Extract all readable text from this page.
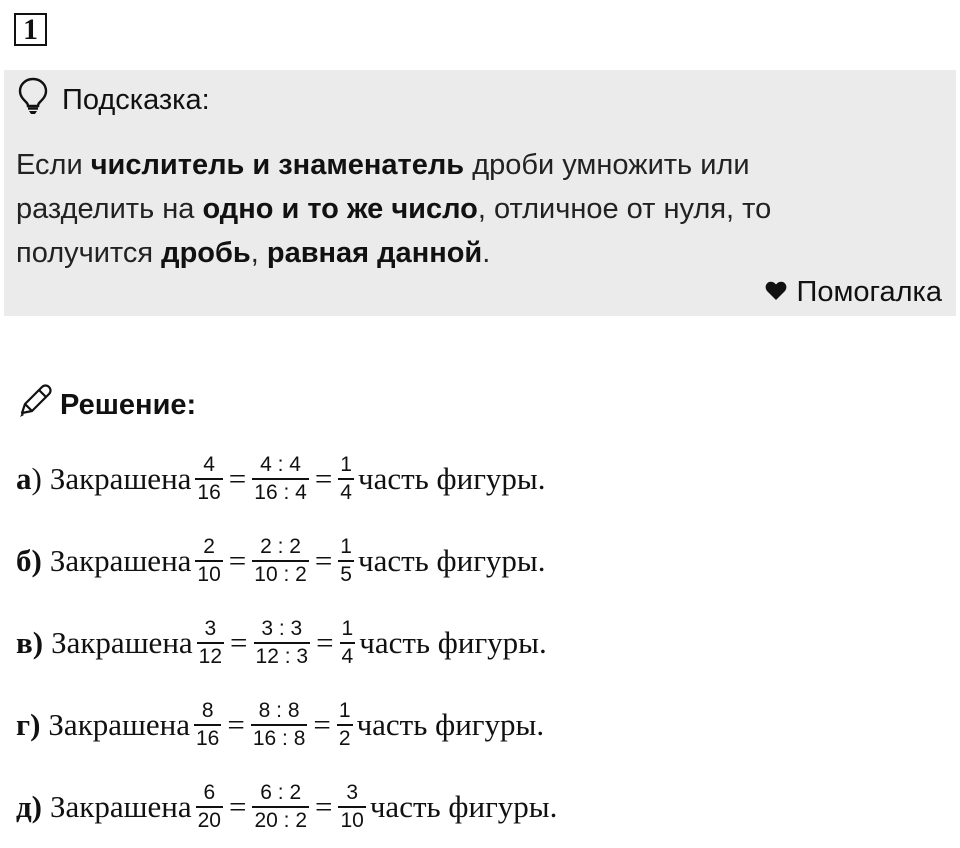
1
Подсказка:
Если числитель и знаменатель дроби умножить или
разделить на одно и то же число, отличное от нуля, то
получится дробь, равная данной.
Помогалка
Решение:
а ) Закрашена $\frac{4}{16} = \frac{4 : 4}{16 : 4} = \frac{1}{4}$ часть фигуры.
б) Закрашена $\frac{2}{10} = \frac{2 : 2}{10 : 2} = \frac{1}{5}$ часть фигуры.
в) Закрашена $\frac{3}{12} = \frac{3 : 3}{12 : 3} = \frac{1}{4}$ часть фигуры.
г) Закрашена $\frac{8}{16} = \frac{8 : 8}{16 : 8} = \frac{1}{2}$ часть фигуры.
д) Закрашена $\frac{6}{20} = \frac{6 : 2}{20 : 2} = \frac{3}{10}$ часть фигуры.
